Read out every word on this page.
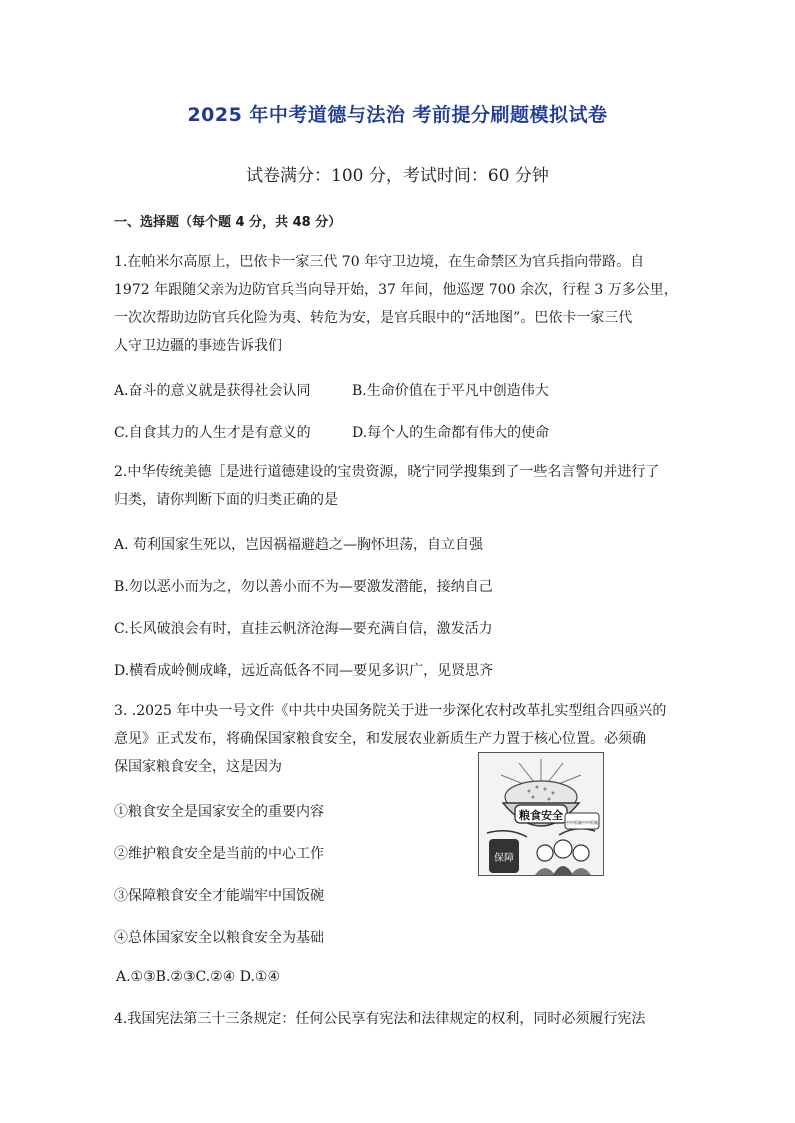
2025 年中考道德与法治 考前提分刷题模拟试卷
试卷满分：100 分，考试时间：60 分钟
一、选择题（每个题 4 分，共 48 分）
1.在帕米尔高原上，巴依卡一家三代 70 年守卫边境，在生命禁区为官兵指向带路。自
1972 年跟随父亲为边防官兵当向导开始，37 年间，他巡逻 700 余次，行程 3 万多公里，
一次次帮助边防官兵化险为夷、转危为安，是官兵眼中的“活地图”。巴依卡一家三代
人守卫边疆的事迹告诉我们
A.奋斗的意义就是获得社会认同	B.生命价值在于平凡中创造伟大
C.自食其力的人生才是有意义的	D.每个人的生命都有伟大的使命
2.中华传统美德［是进行道德建设的宝贵资源，晓宁同学搜集到了一些名言警句并进行了
归类，请你判断下面的归类正确的是
A. 苟利国家生死以，岂因祸福避趋之—胸怀坦荡，自立自强
B.勿以恶小而为之，勿以善小而不为—要激发潜能，接纳自己
C.长风破浪会有时，直挂云帆济沧海—要充满自信，激发活力
D.横看成岭侧成峰，远近高低各不同—要见多识广，见贤思齐
3. .2025 年中央一号文件《中共中央国务院关于进一步深化农村改革扎实型组合四亟兴的
意见》正式发布，将确保国家粮食安全，和发展农业新质生产力置于核心位置。必须确
保国家粮食安全，这是因为
①粮食安全是国家安全的重要内容
②维护粮食安全是当前的中心工作
③保障粮食安全才能端牢中国饭碗
④总体国家安全以粮食安全为基础
A.①③B.②③C.②④ D.①④
粮食安全
保障
中中饭碗中中饭碗
4.我国宪法第三十三条规定：任何公民享有宪法和法律规定的权利，同时必须履行宪法
